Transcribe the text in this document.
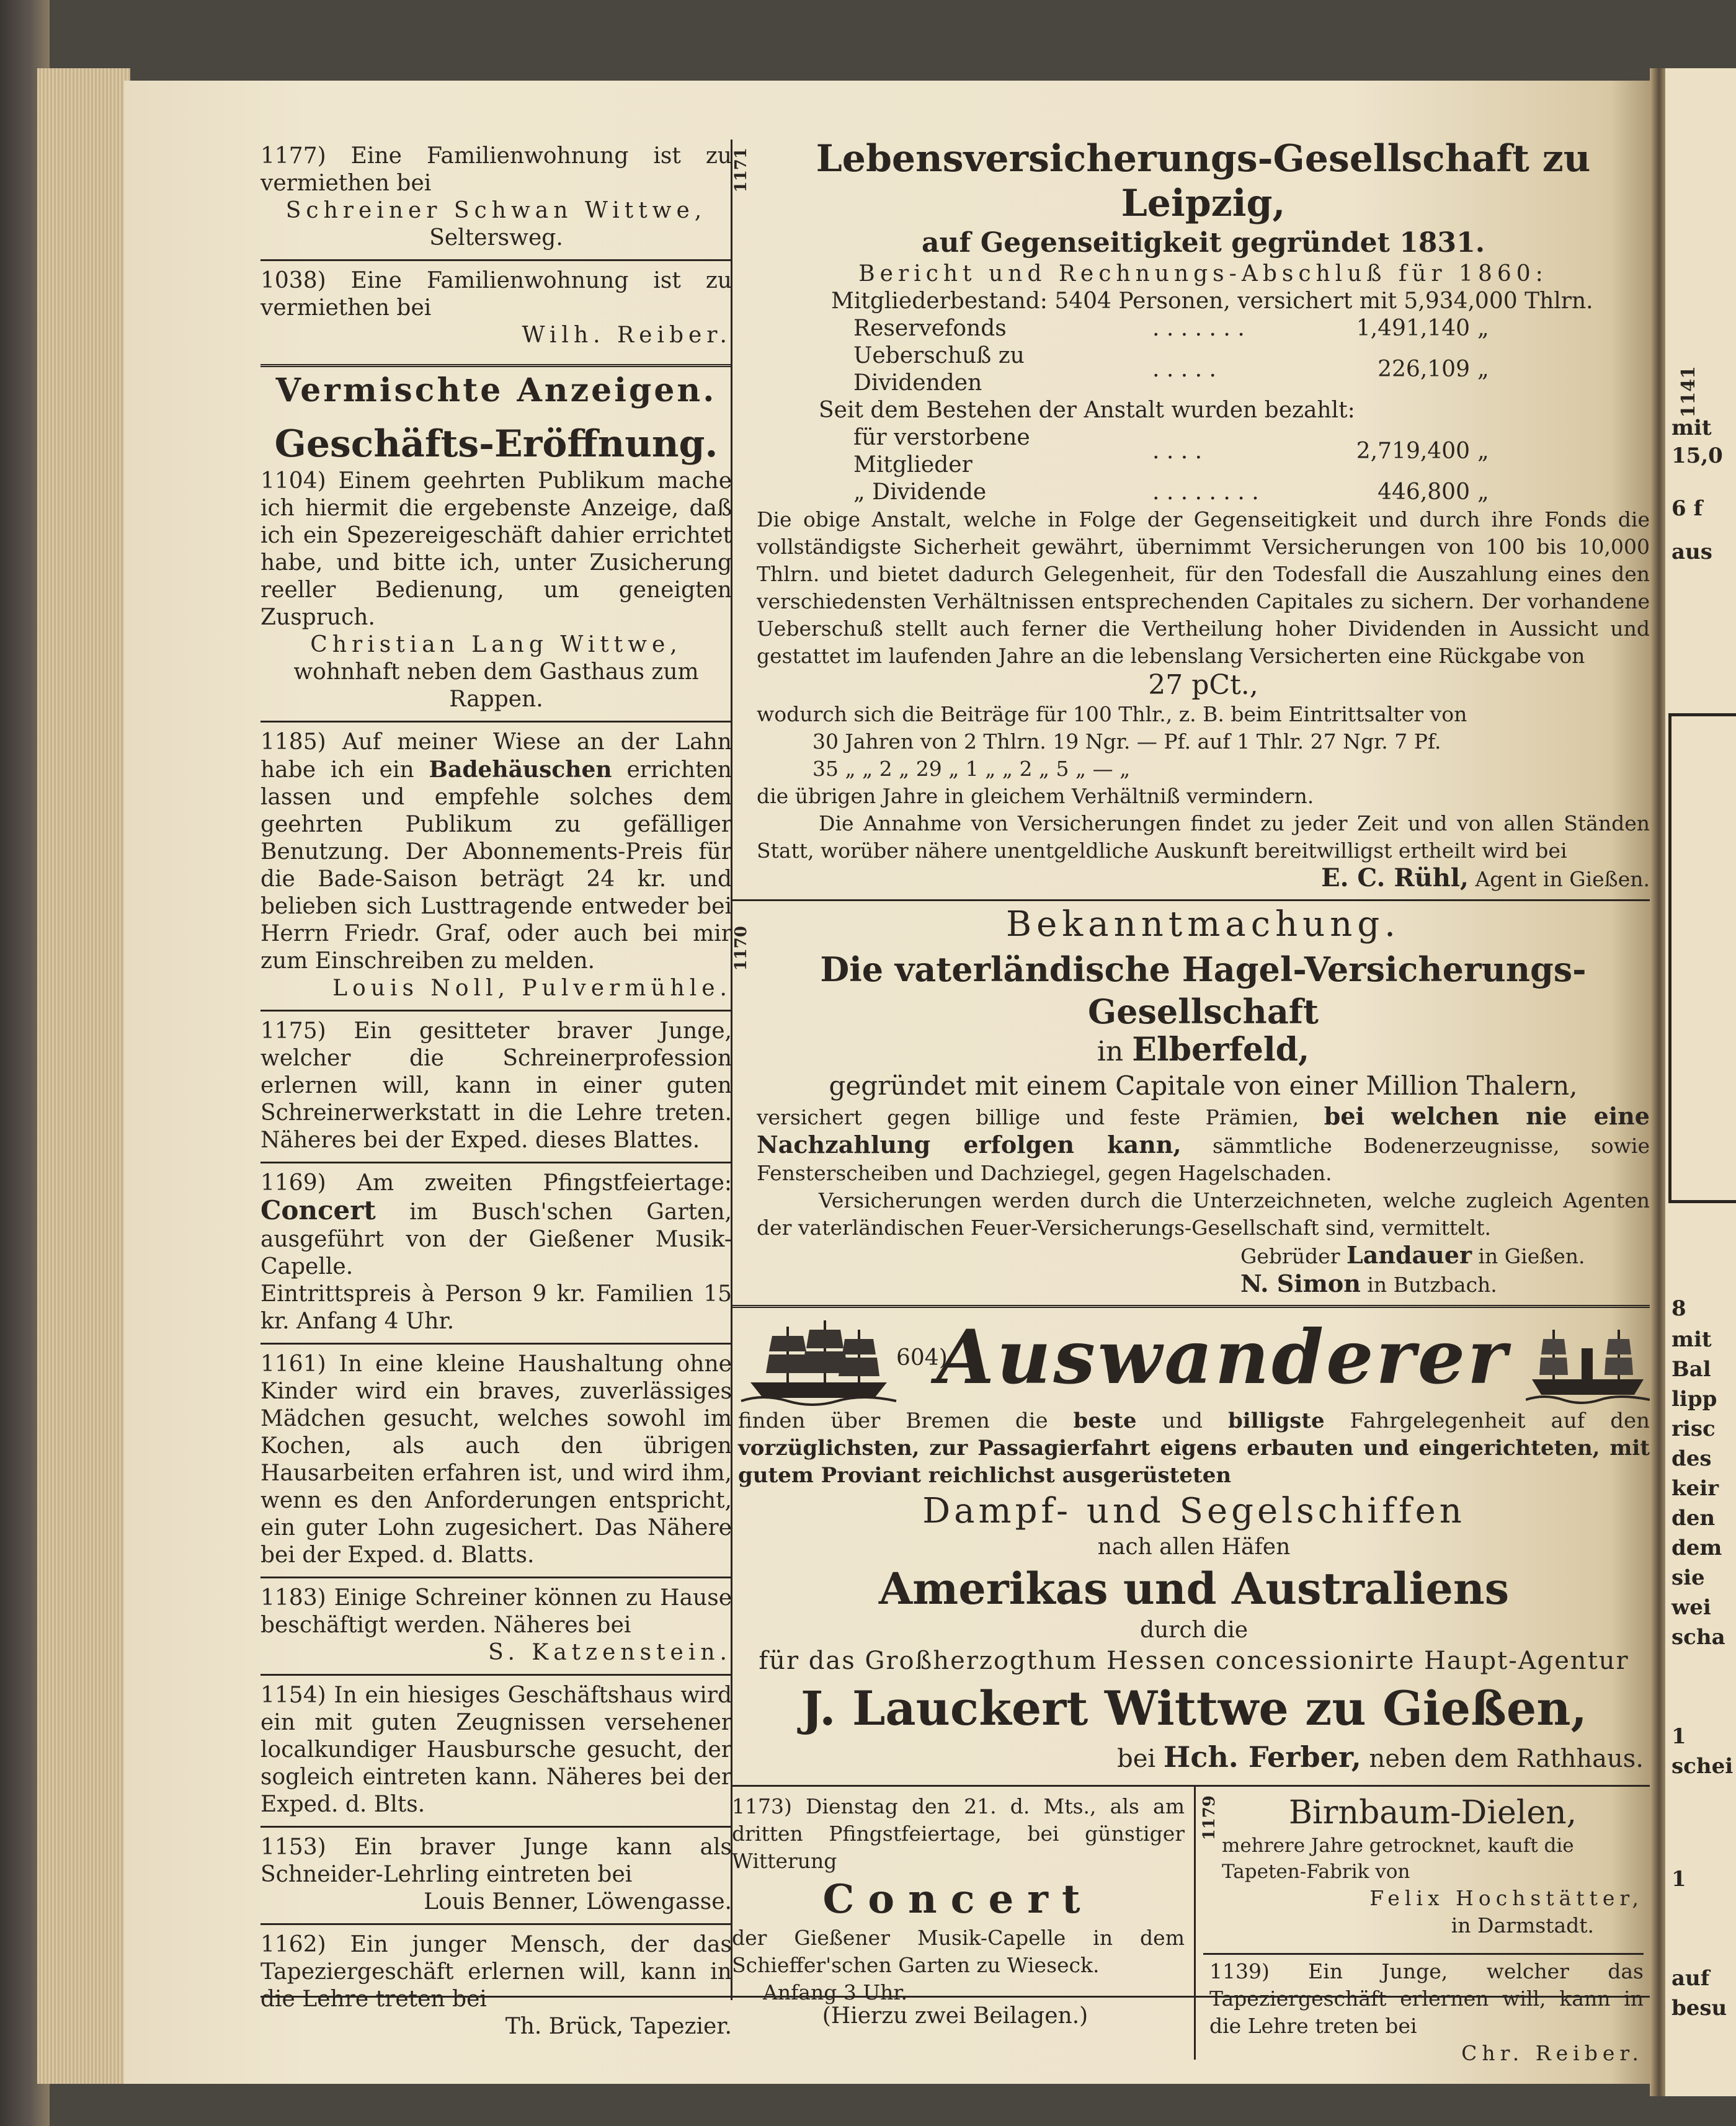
1141
mit
15,0
6 f
aus
8
mit
Bal
lipp
risc
des
keir
den
dem
sie
wei
scha
1
schei
1
auf
besu
1177) Eine Familienwohnung ist zu vermiethen bei
Schreiner Schwan Wittwe,
Seltersweg.
1038) Eine Familienwohnung ist zu vermiethen bei
Wilh. Reiber.
Vermischte Anzeigen.
Geschäfts-Eröffnung.
1104) Einem geehrten Publikum mache ich hiermit die ergebenste Anzeige, daß ich ein Spezereigeschäft dahier errichtet habe, und bitte ich, unter Zusicherung reeller Bedienung, um geneigten Zuspruch.
Christian Lang Wittwe,
wohnhaft neben dem Gasthaus zum Rappen.
1185) Auf meiner Wiese an der Lahn habe ich ein Badehäuschen errichten lassen und empfehle solches dem geehrten Publikum zu gefälliger Benutzung. Der Abonnements-Preis für die Bade-Saison beträgt 24 kr. und belieben sich Lusttragende entweder bei Herrn Friedr. Graf, oder auch bei mir zum Einschreiben zu melden.
Louis Noll, Pulvermühle.
1175) Ein gesitteter braver Junge, welcher die Schreinerprofession erlernen will, kann in einer guten Schreinerwerkstatt in die Lehre treten. Näheres bei der Exped. dieses Blattes.
1169) Am zweiten Pfingstfeiertage: Concert im Busch'schen Garten, ausgeführt von der Gießener Musik-Capelle.
Eintrittspreis à Person 9 kr. Familien 15 kr. Anfang 4 Uhr.
1161) In eine kleine Haushaltung ohne Kinder wird ein braves, zuverlässiges Mädchen gesucht, welches sowohl im Kochen, als auch den übrigen Hausarbeiten erfahren ist, und wird ihm, wenn es den Anforderungen entspricht, ein guter Lohn zugesichert. Das Nähere bei der Exped. d. Blatts.
1183) Einige Schreiner können zu Hause beschäftigt werden. Näheres bei
S. Katzenstein.
1154) In ein hiesiges Geschäftshaus wird ein mit guten Zeugnissen versehener localkundiger Hausbursche gesucht, der sogleich eintreten kann. Näheres bei der Exped. d. Blts.
1153) Ein braver Junge kann als Schneider-Lehrling eintreten bei
Louis Benner, Löwengasse.
1162) Ein junger Mensch, der das Tapeziergeschäft erlernen will, kann in die Lehre treten bei
Th. Brück, Tapezier.
1171	Lebensversicherungs-Gesellschaft zu Leipzig,
auf Gegenseitigkeit gegründet 1831.
Bericht und Rechnungs-Abschluß für 1860:
Mitgliederbestand: 5404 Personen, versichert mit 5,934,000 Thlrn.
Reservefonds	. . . . . . .	1,491,140	„
Ueberschuß zu Dividenden	. . . . .	226,109	„
Seit dem Bestehen der Anstalt wurden bezahlt:
für verstorbene Mitglieder	. . . .	2,719,400	„
„ Dividende	. . . . . . . .	446,800	„
Die obige Anstalt, welche in Folge der Gegenseitigkeit und durch ihre Fonds die vollständigste Sicherheit gewährt, übernimmt Versicherungen von 100 bis 10,000 Thlrn. und bietet dadurch Gelegenheit, für den Todesfall die Auszahlung eines den verschiedensten Verhältnissen entsprechenden Capitales zu sichern. Der vorhandene Ueberschuß stellt auch ferner die Vertheilung hoher Dividenden in Aussicht und gestattet im laufenden Jahre an die lebenslang Versicherten eine Rückgabe von
27 pCt.,
wodurch sich die Beiträge für 100 Thlr., z. B. beim Eintrittsalter von
30 Jahren von 2 Thlrn. 19 Ngr. — Pf. auf 1 Thlr. 27 Ngr. 7 Pf.
35 „ „ 2 „ 29 „ 1 „ „ 2 „ 5 „ — „
die übrigen Jahre in gleichem Verhältniß vermindern.
Die Annahme von Versicherungen findet zu jeder Zeit und von allen Ständen Statt, worüber nähere unentgeldliche Auskunft bereitwilligst ertheilt wird bei
E. C. Rühl, Agent in Gießen.
1170
Bekanntmachung.
Die vaterländische Hagel-Versicherungs-Gesellschaft
in Elberfeld,
gegründet mit einem Capitale von einer Million Thalern,
versichert gegen billige und feste Prämien, bei welchen nie eine Nachzahlung erfolgen kann, sämmtliche Bodenerzeugnisse, sowie Fensterscheiben und Dachziegel, gegen Hagelschaden.
Versicherungen werden durch die Unterzeichneten, welche zugleich Agenten der vaterländischen Feuer-Versicherungs-Gesellschaft sind, vermittelt.
Gebrüder Landauer in Gießen.
N. Simon in Butzbach.
604)
Auswanderer
finden über Bremen die beste und billigste Fahrgelegenheit auf den vorzüglichsten, zur Passagierfahrt eigens erbauten und eingerichteten, mit gutem Proviant reichlichst ausgerüsteten
Dampf- und Segelschiffen
nach allen Häfen
Amerikas und Australiens
durch die
für das Großherzogthum Hessen concessionirte Haupt-Agentur
J. Lauckert Wittwe zu Gießen,
bei Hch. Ferber, neben dem Rathhaus.
1173) Dienstag den 21. d. Mts., als am dritten Pfingstfeiertage, bei günstiger Witterung
Concert
der Gießener Musik-Capelle in dem Schieffer'schen Garten zu Wieseck.
Anfang 3 Uhr.
1179	Birnbaum-Dielen,
mehrere Jahre getrocknet, kauft die Tapeten-Fabrik von
Felix Hochstätter,
in Darmstadt.
1139) Ein Junge, welcher das Tapeziergeschäft erlernen will, kann in die Lehre treten bei
Chr. Reiber.
(Hierzu zwei Beilagen.)
